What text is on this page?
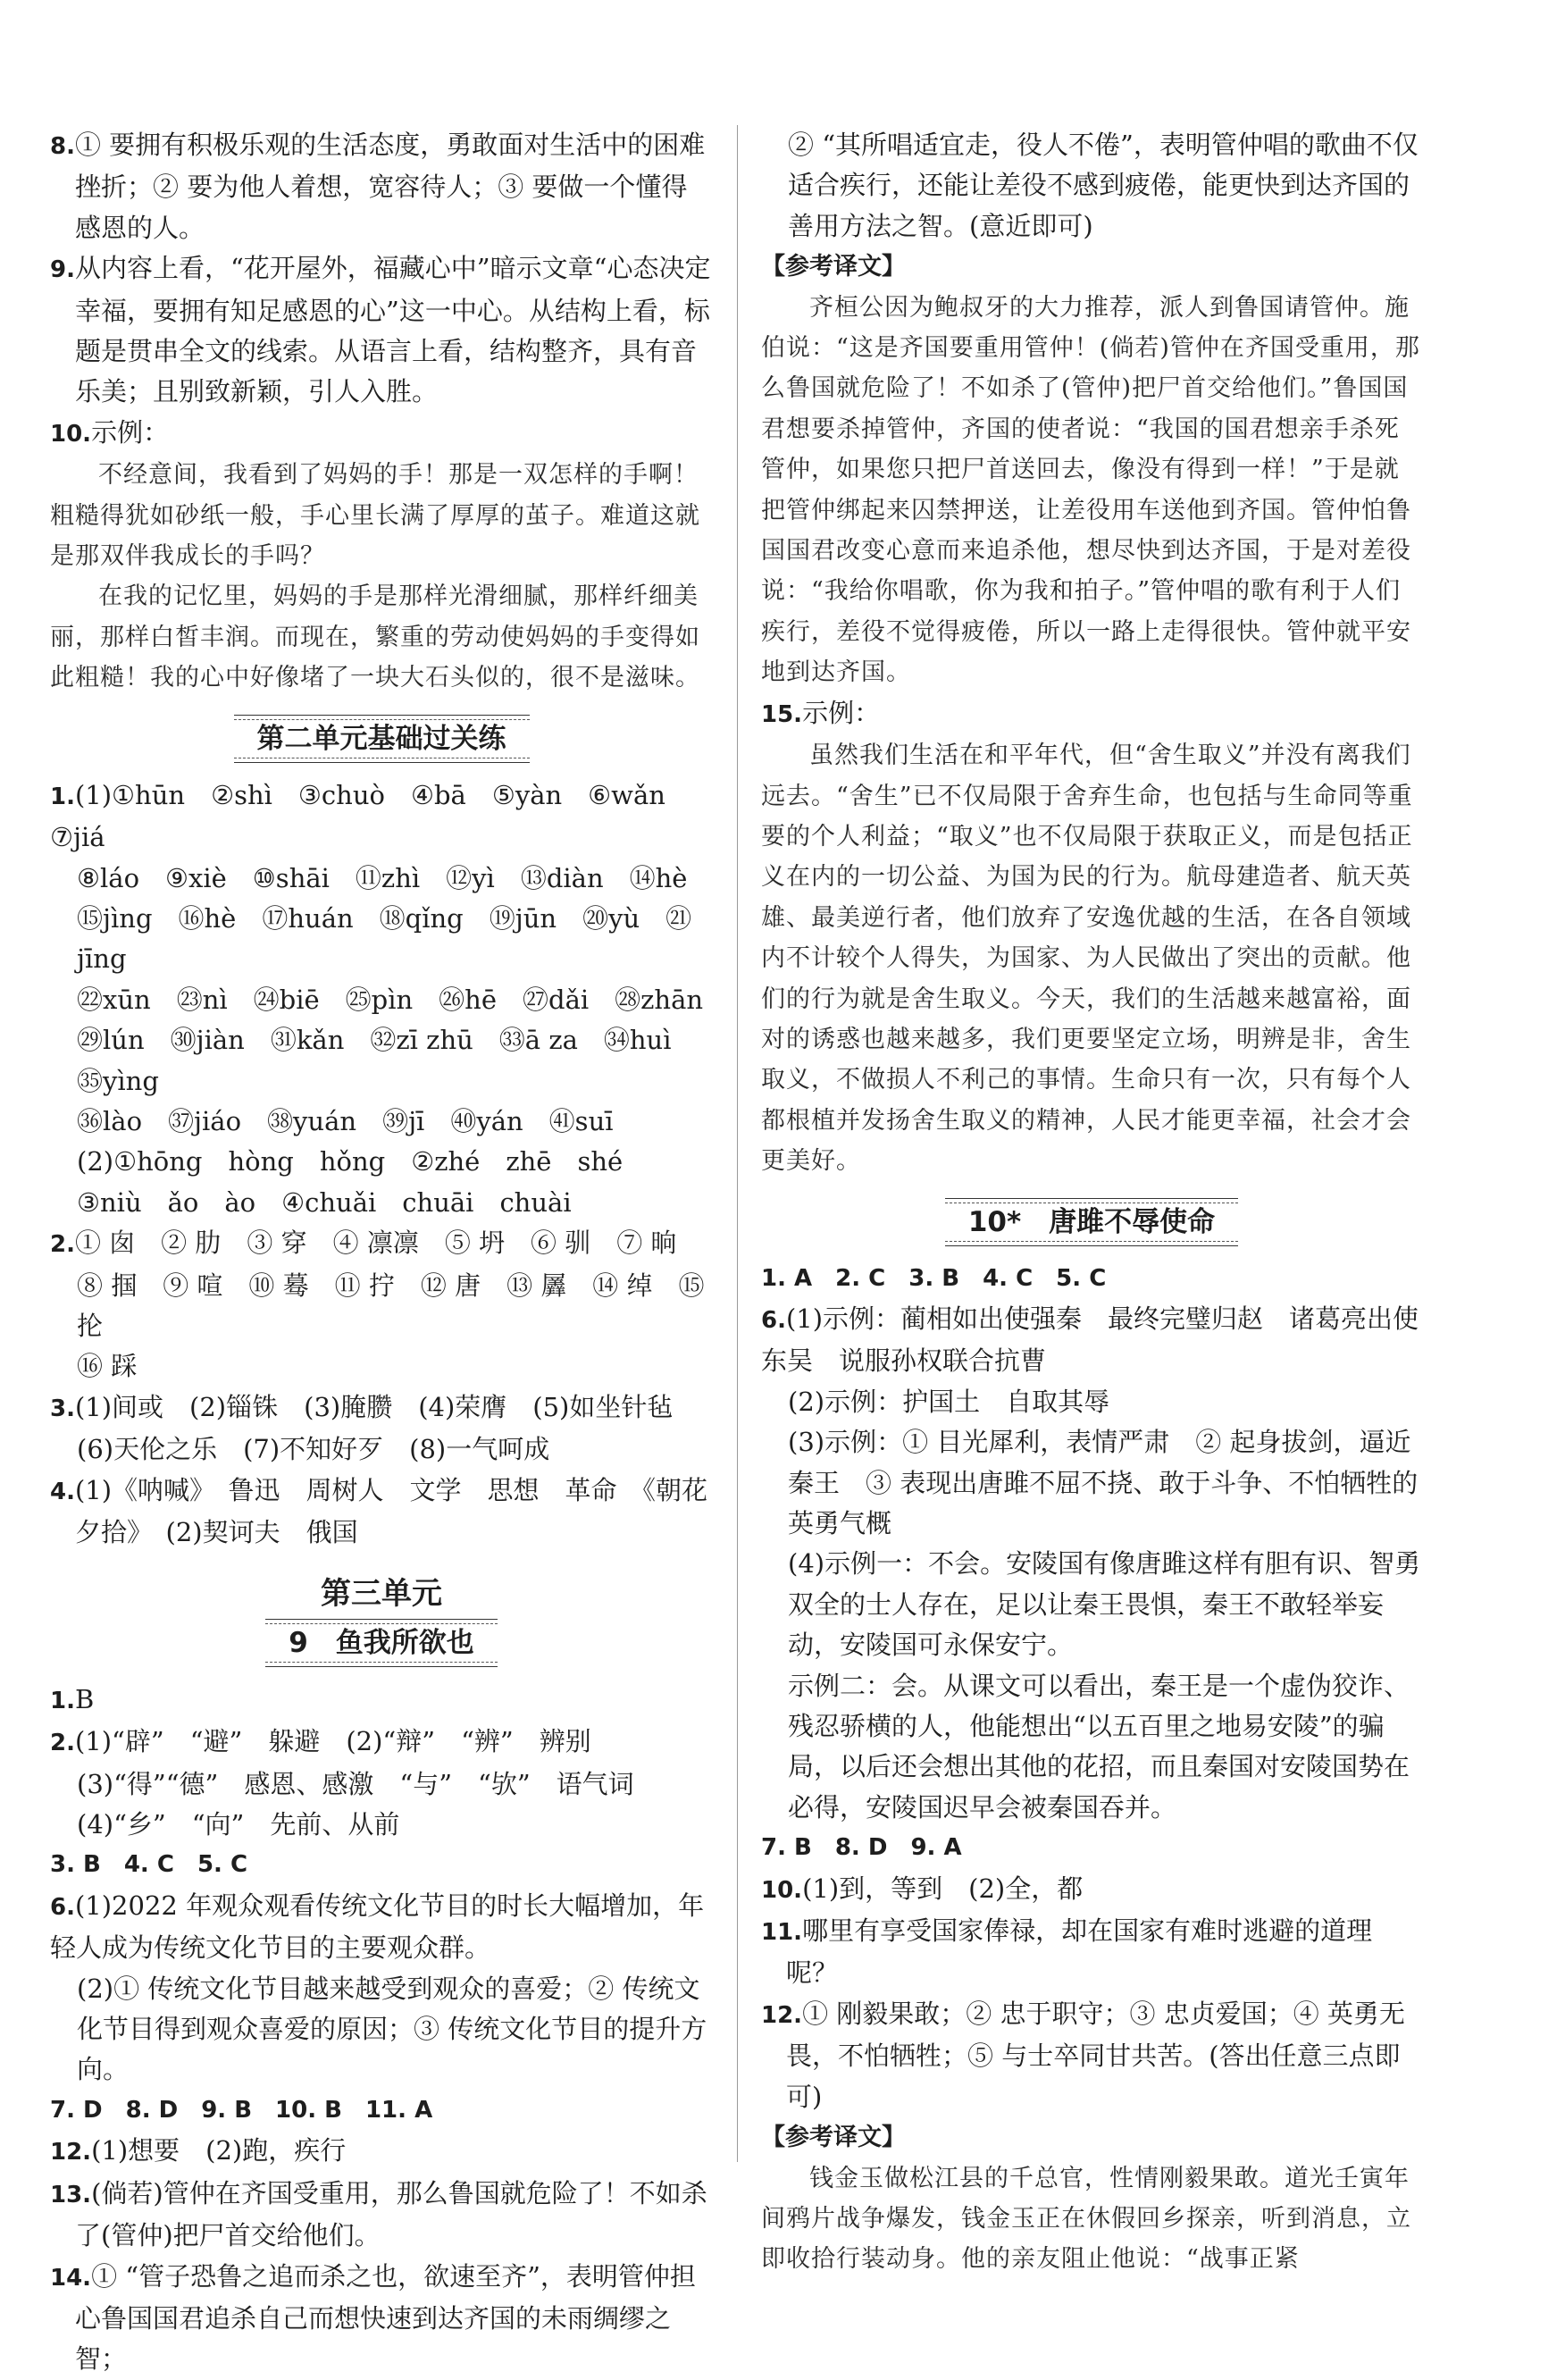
8.① 要拥有积极乐观的生活态度，勇敢面对生活中的困难挫折；② 要为他人着想，宽容待人；③ 要做一个懂得感恩的人。

9.从内容上看，“花开屋外，福藏心中”暗示文章“心态决定幸福，要拥有知足感恩的心”这一中心。从结构上看，标题是贯串全文的线索。从语言上看，结构整齐，具有音乐美；且别致新颖，引人入胜。

10.示例：

不经意间，我看到了妈妈的手！那是一双怎样的手啊！粗糙得犹如砂纸一般，手心里长满了厚厚的茧子。难道这就是那双伴我成长的手吗？

在我的记忆里，妈妈的手是那样光滑细腻，那样纤细美丽，那样白皙丰润。而现在，繁重的劳动使妈妈的手变得如此粗糙！我的心中好像堵了一块大石头似的，很不是滋味。

第二单元基础过关练

1.(1)①hūn　②shì　③chuò　④bā　⑤yàn　⑥wǎn　⑦jiá

⑧láo　⑨xiè　⑩shāi　⑪zhì　⑫yì　⑬diàn　⑭hè

⑮jìng　⑯hè　⑰huán　⑱qǐng　⑲jūn　⑳yù　㉑jīng

㉒xūn　㉓nì　㉔biē　㉕pìn　㉖hē　㉗dǎi　㉘zhān

㉙lún　㉚jiàn　㉛kǎn　㉜zī zhū　㉝ā za　㉞huì　㉟yìng

㊱lào　㊲jiáo　㊳yuán　㊴jī　㊵yán　㊶suī

(2)①hōng　hòng　hǒng　②zhé　zhē　shé

③niù　ǎo　ào　④chuǎi　chuāi　chuài

2.① 囱　② 肋　③ 穿　④ 凛凛　⑤ 坍　⑥ 驯　⑦ 晌

⑧ 掴　⑨ 喧　⑩ 蓦　⑪ 拧　⑫ 唐　⑬ 羼　⑭ 绰　⑮ 抡

⑯ 踩

3.(1)间或　(2)锱铢　(3)腌臜　(4)荣膺　(5)如坐针毡

(6)天伦之乐　(7)不知好歹　(8)一气呵成

4.(1)《呐喊》　鲁迅　周树人　文学　思想　革命　《朝花夕拾》　(2)契诃夫　俄国

第三单元
9　鱼我所欲也

1.B

2.(1)“辟”　“避”　躲避　(2)“辩”　“辨”　辨别

(3)“得”“德”　感恩、感激　“与”　“欤”　语气词

(4)“乡”　“向”　先前、从前

3. B　4. C　5. C

6.(1)2022 年观众观看传统文化节目的时长大幅增加，年轻人成为传统文化节目的主要观众群。

(2)① 传统文化节目越来越受到观众的喜爱；② 传统文化节目得到观众喜爱的原因；③ 传统文化节目的提升方向。

7. D　8. D　9. B　10. B　11. A

12.(1)想要　(2)跑，疾行

13.(倘若)管仲在齐国受重用，那么鲁国就危险了！不如杀了(管仲)把尸首交给他们。

14.① “管子恐鲁之追而杀之也，欲速至齐”，表明管仲担心鲁国国君追杀自己而想快速到达齐国的未雨绸缪之智；

② “其所唱适宜走，役人不倦”，表明管仲唱的歌曲不仅适合疾行，还能让差役不感到疲倦，能更快到达齐国的善用方法之智。(意近即可)

【参考译文】

齐桓公因为鲍叔牙的大力推荐，派人到鲁国请管仲。施伯说：“这是齐国要重用管仲！(倘若)管仲在齐国受重用，那么鲁国就危险了！不如杀了(管仲)把尸首交给他们。”鲁国国君想要杀掉管仲，齐国的使者说：“我国的国君想亲手杀死管仲，如果您只把尸首送回去，像没有得到一样！”于是就把管仲绑起来囚禁押送，让差役用车送他到齐国。管仲怕鲁国国君改变心意而来追杀他，想尽快到达齐国，于是对差役说：“我给你唱歌，你为我和拍子。”管仲唱的歌有利于人们疾行，差役不觉得疲倦，所以一路上走得很快。管仲就平安地到达齐国。

15.示例：

虽然我们生活在和平年代，但“舍生取义”并没有离我们远去。“舍生”已不仅局限于舍弃生命，也包括与生命同等重要的个人利益；“取义”也不仅局限于获取正义，而是包括正义在内的一切公益、为国为民的行为。航母建造者、航天英雄、最美逆行者，他们放弃了安逸优越的生活，在各自领域内不计较个人得失，为国家、为人民做出了突出的贡献。他们的行为就是舍生取义。今天，我们的生活越来越富裕，面对的诱惑也越来越多，我们更要坚定立场，明辨是非，舍生取义，不做损人不利己的事情。生命只有一次，只有每个人都根植并发扬舍生取义的精神，人民才能更幸福，社会才会更美好。

10*　唐雎不辱使命

1. A　2. C　3. B　4. C　5. C

6.(1)示例：蔺相如出使强秦　最终完璧归赵　诸葛亮出使东吴　说服孙权联合抗曹

(2)示例：护国土　自取其辱

(3)示例：① 目光犀利，表情严肃　② 起身拔剑，逼近秦王　③ 表现出唐雎不屈不挠、敢于斗争、不怕牺牲的英勇气概

(4)示例一：不会。安陵国有像唐雎这样有胆有识、智勇双全的士人存在，足以让秦王畏惧，秦王不敢轻举妄动，安陵国可永保安宁。

示例二：会。从课文可以看出，秦王是一个虚伪狡诈、残忍骄横的人，他能想出“以五百里之地易安陵”的骗局，以后还会想出其他的花招，而且秦国对安陵国势在必得，安陵国迟早会被秦国吞并。

7. B　8. D　9. A

10.(1)到，等到　(2)全，都

11.哪里有享受国家俸禄，却在国家有难时逃避的道理呢？

12.① 刚毅果敢；② 忠于职守；③ 忠贞爱国；④ 英勇无畏，不怕牺牲；⑤ 与士卒同甘共苦。(答出任意三点即可)

【参考译文】

钱金玉做松江县的千总官，性情刚毅果敢。道光壬寅年间鸦片战争爆发，钱金玉正在休假回乡探亲，听到消息，立即收拾行装动身。他的亲友阻止他说：“战事正紧
